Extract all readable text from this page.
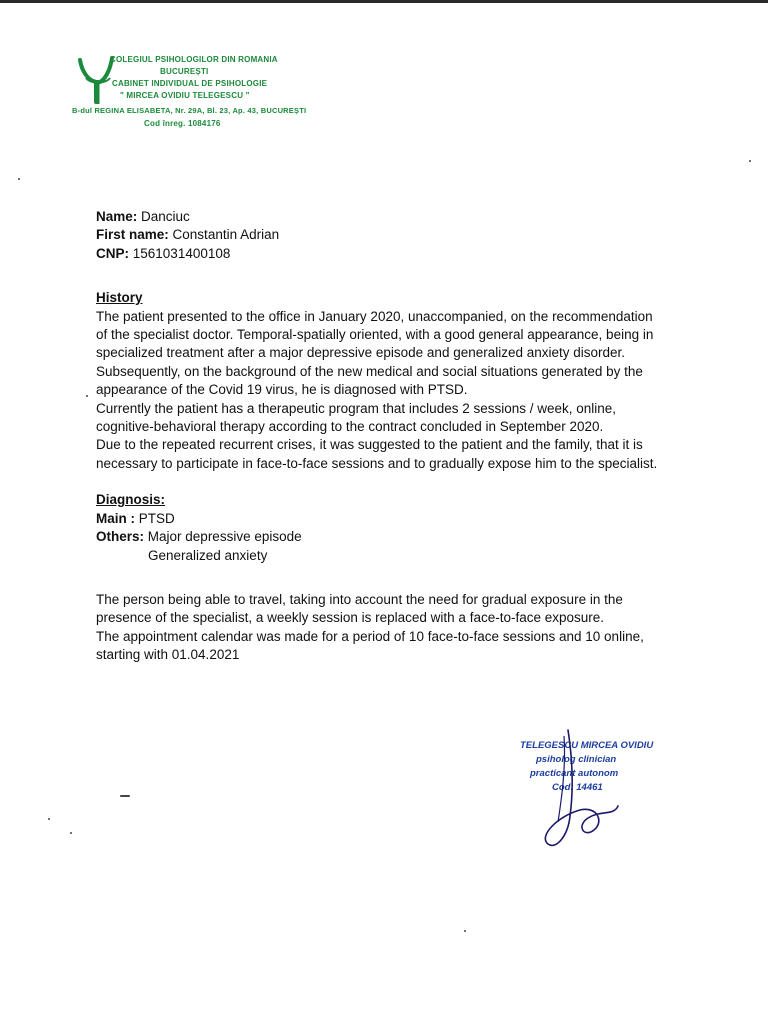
COLEGIUL PSIHOLOGILOR DIN ROMANIA
BUCUREȘTI
CABINET INDIVIDUAL DE PSIHOLOGIE
" MIRCEA OVIDIU TELEGESCU "
B-dul REGINA ELISABETA, Nr. 29A, Bl. 23, Ap. 43, BUCUREȘTI
Cod înreg. 1084176
Name: Danciuc
First name: Constantin Adrian
CNP: 1561031400108
History
The patient presented to the office in January 2020, unaccompanied, on the recommendation
of the specialist doctor. Temporal-spatially oriented, with a good general appearance, being in
specialized treatment after a major depressive episode and generalized anxiety disorder.
Subsequently, on the background of the new medical and social situations generated by the
appearance of the Covid 19 virus, he is diagnosed with PTSD.
Currently the patient has a therapeutic program that includes 2 sessions / week, online,
cognitive-behavioral therapy according to the contract concluded in September 2020.
Due to the repeated recurrent crises, it was suggested to the patient and the family, that it is
necessary to participate in face-to-face sessions and to gradually expose him to the specialist.
Diagnosis:
Main : PTSD
Others: Major depressive episode
Generalized anxiety
The person being able to travel, taking into account the need for gradual exposure in the
presence of the specialist, a weekly session is replaced with a face-to-face exposure.
The appointment calendar was made for a period of 10 face-to-face sessions and 10 online,
starting with 01.04.2021
TELEGESCU MIRCEA OVIDIU
psiholog clinician
practicant autonom
Cod: 14461
